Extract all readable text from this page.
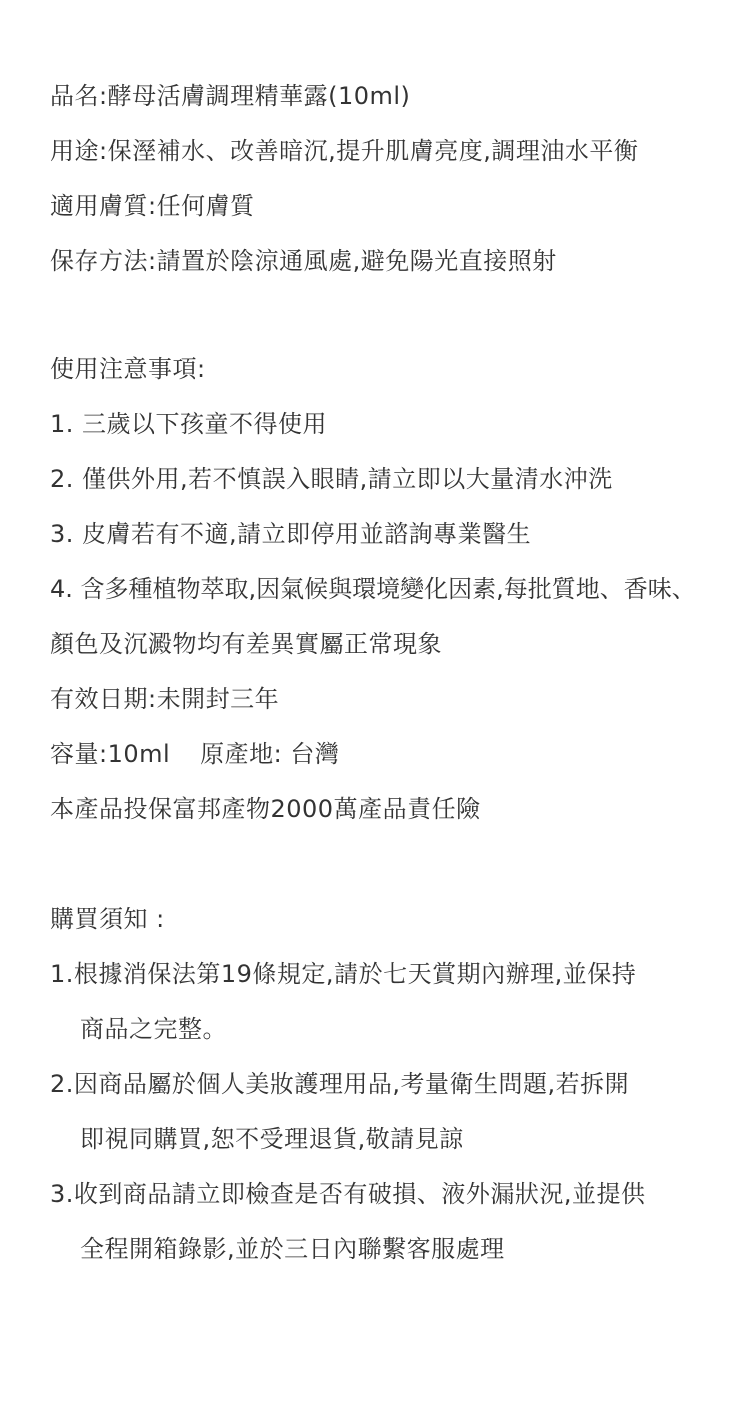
品名:酵母活膚調理精華露(10ml)
用途:保溼補水、改善暗沉,提升肌膚亮度,調理油水平衡
適用膚質:任何膚質
保存方法:請置於陰涼通風處,避免陽光直接照射
使用注意事項:
1. 三歲以下孩童不得使用
2. 僅供外用,若不慎誤入眼睛,請立即以大量清水沖洗
3. 皮膚若有不適,請立即停用並諮詢專業醫生
4. 含多種植物萃取,因氣候與環境變化因素,每批質地、香味、
顏色及沉澱物均有差異實屬正常現象
有效日期:未開封三年
容量:10ml 原產地: 台灣
本產品投保富邦產物2000萬產品責任險
購買須知 :
1.根據消保法第19條規定,請於七天賞期內辦理,並保持
商品之完整。
2.因商品屬於個人美妝護理用品,考量衛生問題,若拆開
即視同購買,恕不受理退貨,敬請見諒
3.收到商品請立即檢查是否有破損、液外漏狀況,並提供
全程開箱錄影,並於三日內聯繫客服處理
